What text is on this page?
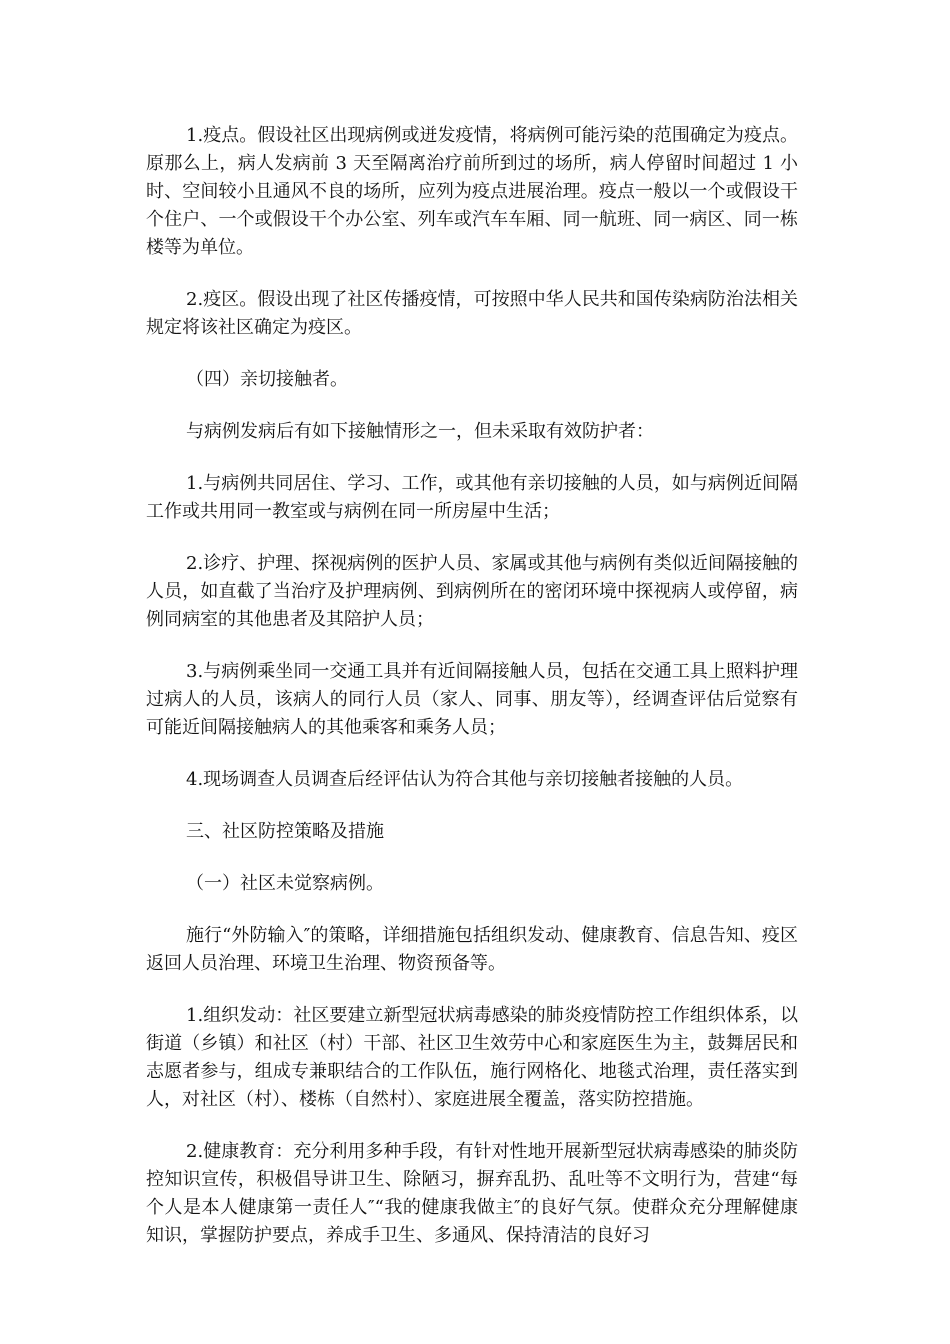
1.疫点。假设社区出现病例或迸发疫情，将病例可能污染的范围确定为疫点。原那么上，病人发病前 3 天至隔离治疗前所到过的场所，病人停留时间超过 1 小时、空间较小且通风不良的场所，应列为疫点进展治理。疫点一般以一个或假设干个住户、一个或假设干个办公室、列车或汽车车厢、同一航班、同一病区、同一栋楼等为单位。

2.疫区。假设出现了社区传播疫情，可按照中华人民共和国传染病防治法相关规定将该社区确定为疫区。

（四）亲切接触者。

与病例发病后有如下接触情形之一，但未采取有效防护者：

1.与病例共同居住、学习、工作，或其他有亲切接触的人员，如与病例近间隔工作或共用同一教室或与病例在同一所房屋中生活；

2.诊疗、护理、探视病例的医护人员、家属或其他与病例有类似近间隔接触的人员，如直截了当治疗及护理病例、到病例所在的密闭环境中探视病人或停留，病例同病室的其他患者及其陪护人员；

3.与病例乘坐同一交通工具并有近间隔接触人员，包括在交通工具上照料护理过病人的人员，该病人的同行人员（家人、同事、朋友等），经调查评估后觉察有可能近间隔接触病人的其他乘客和乘务人员；

4.现场调查人员调查后经评估认为符合其他与亲切接触者接触的人员。

三、社区防控策略及措施

（一）社区未觉察病例。

施行“外防输入″的策略，详细措施包括组织发动、健康教育、信息告知、疫区返回人员治理、环境卫生治理、物资预备等。

1.组织发动：社区要建立新型冠状病毒感染的肺炎疫情防控工作组织体系，以街道（乡镇）和社区（村）干部、社区卫生效劳中心和家庭医生为主，鼓舞居民和志愿者参与，组成专兼职结合的工作队伍，施行网格化、地毯式治理，责任落实到人，对社区（村）、楼栋（自然村）、家庭进展全覆盖，落实防控措施。

2.健康教育：充分利用多种手段，有针对性地开展新型冠状病毒感染的肺炎防控知识宣传，积极倡导讲卫生、除陋习，摒弃乱扔、乱吐等不文明行为，营建“每个人是本人健康第一责任人″“我的健康我做主″的良好气氛。使群众充分理解健康知识，掌握防护要点，养成手卫生、多通风、保持清洁的良好习
